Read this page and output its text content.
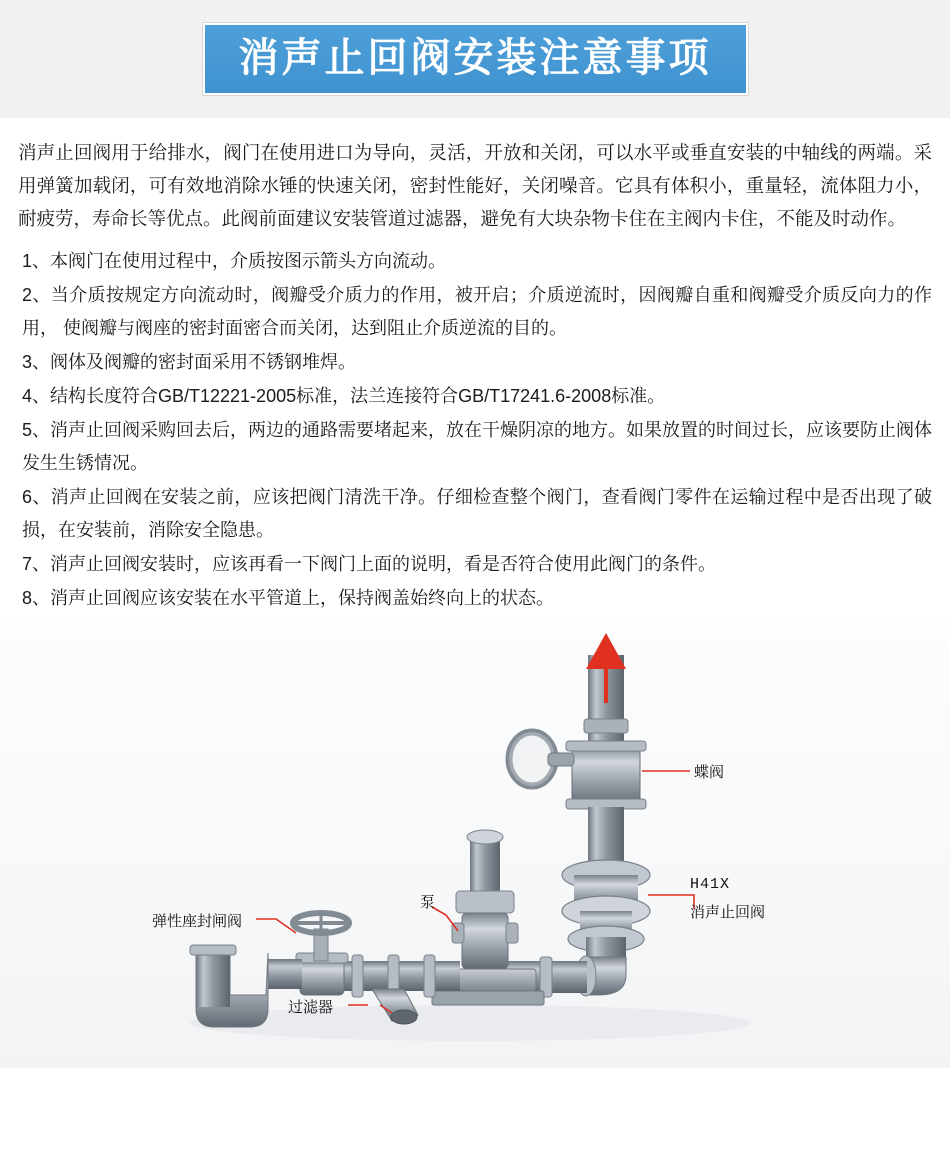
消声止回阀安装注意事项

消声止回阀用于给排水，阀门在使用进口为导向，灵活，开放和关闭，可以水平或垂直安装的中轴线的两端。采用弹簧加载闭，可有效地消除水锤的快速关闭，密封性能好，关闭噪音。它具有体积小，重量轻，流体阻力小，耐疲劳，寿命长等优点。此阀前面建议安装管道过滤器，避免有大块杂物卡住在主阀内卡住，不能及时动作。

1、本阀门在使用过程中，介质按图示箭头方向流动。
2、当介质按规定方向流动时，阀瓣受介质力的作用，被开启；介质逆流时，因阀瓣自重和阀瓣受介质反向力的作用， 使阀瓣与阀座的密封面密合而关闭，达到阻止介质逆流的目的。
3、阀体及阀瓣的密封面采用不锈钢堆焊。
4、结构长度符合GB/T12221-2005标准，法兰连接符合GB/T17241.6-2008标准。
5、消声止回阀采购回去后，两边的通路需要堵起来，放在干燥阴凉的地方。如果放置的时间过长，应该要防止阀体发生生锈情况。
6、消声止回阀在安装之前，应该把阀门清洗干净。仔细检查整个阀门，查看阀门零件在运输过程中是否出现了破损，在安装前，消除安全隐患。
7、消声止回阀安装时，应该再看一下阀门上面的说明，看是否符合使用此阀门的条件。
8、消声止回阀应该安装在水平管道上，保持阀盖始终向上的状态。
蝶阀
H41X
消声止回阀
泵
过滤器
弹性座封闸阀
